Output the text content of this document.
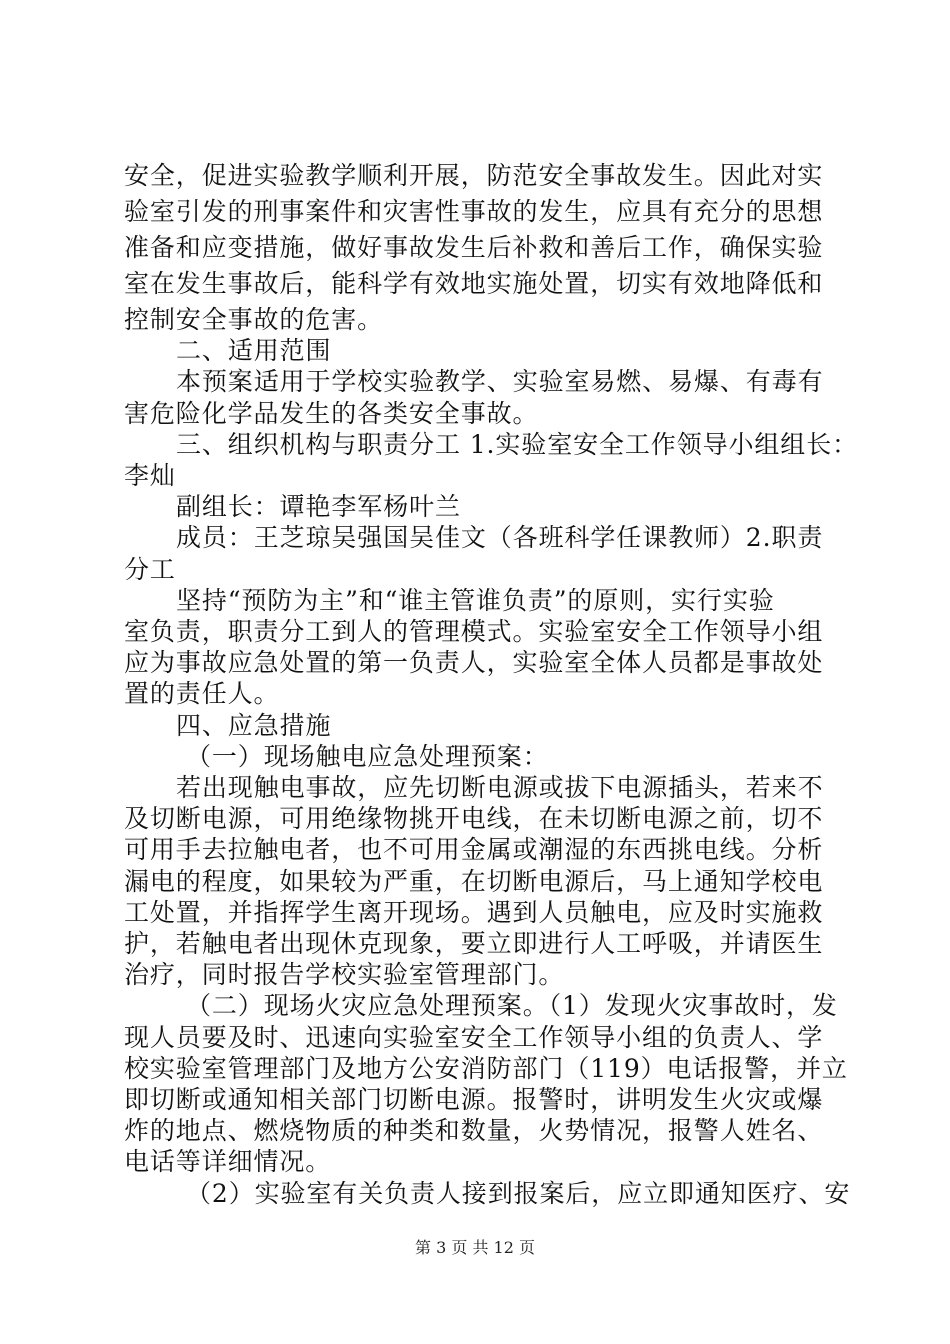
安全，促进实验教学顺利开展，防范安全事故发生。因此对实
验室引发的刑事案件和灾害性事故的发生，应具有充分的思想
准备和应变措施，做好事故发生后补救和善后工作，确保实验
室在发生事故后，能科学有效地实施处置，切实有效地降低和
控制安全事故的危害。
二、适用范围
本预案适用于学校实验教学、实验室易燃、易爆、有毒有
害危险化学品发生的各类安全事故。
三、组织机构与职责分工 1.实验室安全工作领导小组组长：
李灿
副组长：谭艳李军杨叶兰
成员：王芝琼吴强国吴佳文（各班科学任课教师）2.职责
分工
坚持“预防为主”和“谁主管谁负责”的原则，实行实验
室负责，职责分工到人的管理模式。实验室安全工作领导小组
应为事故应急处置的第一负责人，实验室全体人员都是事故处
置的责任人。
四、应急措施
（一）现场触电应急处理预案：
若出现触电事故，应先切断电源或拔下电源插头，若来不
及切断电源，可用绝缘物挑开电线，在未切断电源之前，切不
可用手去拉触电者，也不可用金属或潮湿的东西挑电线。分析
漏电的程度，如果较为严重，在切断电源后，马上通知学校电
工处置，并指挥学生离开现场。遇到人员触电，应及时实施救
护，若触电者出现休克现象，要立即进行人工呼吸，并请医生
治疗，同时报告学校实验室管理部门。
（二）现场火灾应急处理预案。（1）发现火灾事故时，发
现人员要及时、迅速向实验室安全工作领导小组的负责人、学
校实验室管理部门及地方公安消防部门（119）电话报警，并立
即切断或通知相关部门切断电源。报警时，讲明发生火灾或爆
炸的地点、燃烧物质的种类和数量，火势情况，报警人姓名、
电话等详细情况。
（2）实验室有关负责人接到报案后，应立即通知医疗、安
第 3 页 共 12 页
